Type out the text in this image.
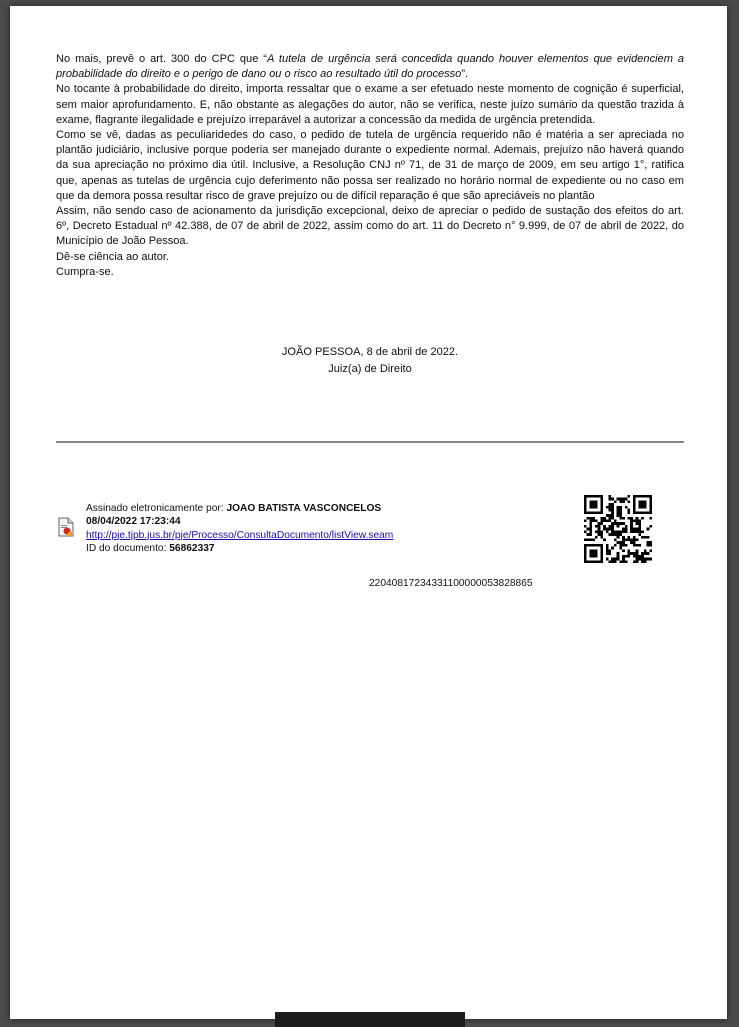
No mais, prevê o art. 300 do CPC que “A tutela de urgência será concedida quando houver elementos que evidenciem a probabilidade do direito e o perigo de dano ou o risco ao resultado útil do processo”.

No tocante à probabilidade do direito, importa ressaltar que o exame a ser efetuado neste momento de cognição é superficial, sem maior aprofundamento. E, não obstante as alegações do autor, não se verifica, neste juízo sumário da questão trazida à exame, flagrante ilegalidade e prejuízo irreparável a autorizar a concessão da medida de urgência pretendida.

Como se vê, dadas as peculiaridedes do caso, o pedido de tutela de urgência requerido não é matéria a ser apreciada no plantão judiciário, inclusive porque poderia ser manejado durante o expediente normal. Ademais, prejuízo não haverá quando da sua apreciação no próximo dia útil. Inclusive, a Resolução CNJ nº 71, de 31 de março de 2009, em seu artigo 1°, ratifica que, apenas as tutelas de urgência cujo deferimento não possa ser realizado no horário normal de expediente ou no caso em que da demora possa resultar risco de grave prejuízo ou de difícil reparação é que são apreciáveis no plantão

Assim, não sendo caso de acionamento da jurisdição excepcional, deixo de apreciar o pedido de sustação dos efeitos do art. 6º, Decreto Estadual nº 42.388, de 07 de abril de 2022, assim como do art. 11 do Decreto n° 9.999, de 07 de abril de 2022, do Município de João Pessoa.

Dê-se ciência ao autor.

Cumpra-se.

JOÃO PESSOA, 8 de abril de 2022.
Juiz(a) de Direito
Assinado eletronicamente por: JOAO BATISTA VASCONCELOS
08/04/2022 17:23:44
http://pje.tjpb.jus.br/pje/Processo/ConsultaDocumento/listView.seam
ID do documento: 56862337
22040817234331100000053828865
